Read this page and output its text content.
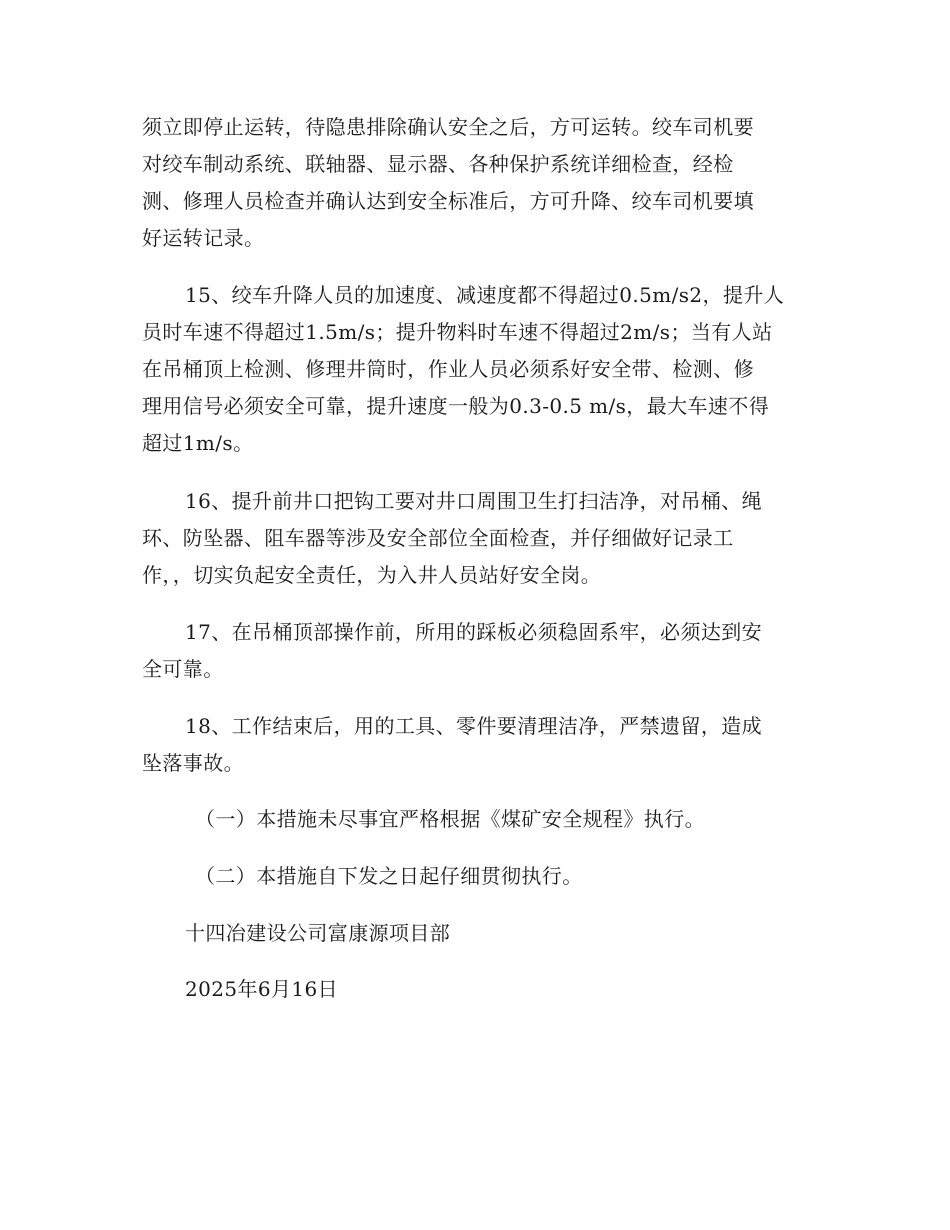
须立即停止运转，待隐患排除确认安全之后，方可运转。绞车司机要
对绞车制动系统、联轴器、显示器、各种保护系统详细检查，经检
测、修理人员检查并确认达到安全标准后，方可升降、绞车司机要填
好运转记录。
15、绞车升降人员的加速度、减速度都不得超过0.5m/s2，提升人
员时车速不得超过1.5m/s；提升物料时车速不得超过2m/s；当有人站
在吊桶顶上检测、修理井筒时，作业人员必须系好安全带、检测、修
理用信号必须安全可靠，提升速度一般为0.3-0.5 m/s，最大车速不得
超过1m/s。
16、提升前井口把钩工要对井口周围卫生打扫洁净，对吊桶、绳
环、防坠器、阻车器等涉及安全部位全面检查，并仔细做好记录工
作，，切实负起安全责任，为入井人员站好安全岗。
17、在吊桶顶部操作前，所用的踩板必须稳固系牢，必须达到安
全可靠。
18、工作结束后，用的工具、零件要清理洁净，严禁遗留，造成
坠落事故。
（一）本措施未尽事宜严格根据《煤矿安全规程》执行。
（二）本措施自下发之日起仔细贯彻执行。
十四冶建设公司富康源项目部
2025年6月16日
